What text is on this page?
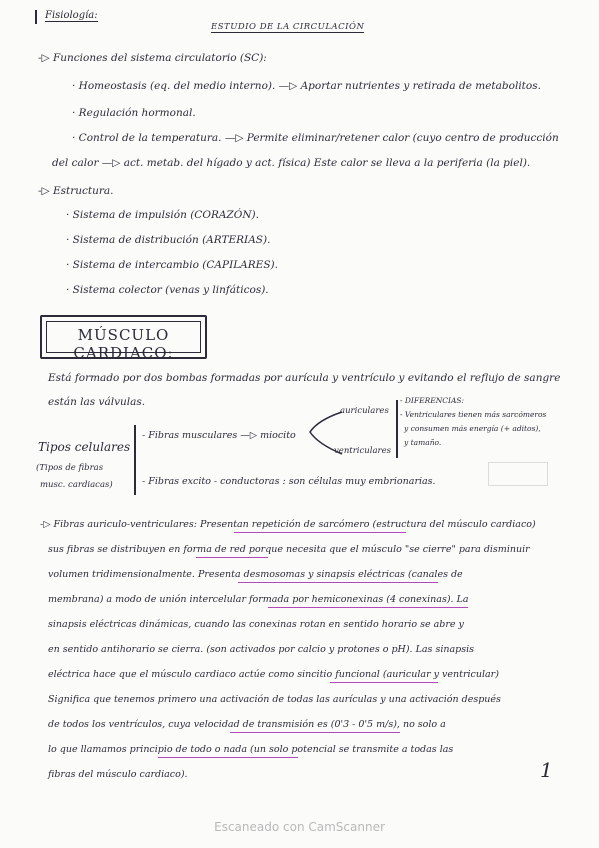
Fisiología:
ESTUDIO DE LA CIRCULACIÓN
-▷ Funciones del sistema circulatorio (SC):
· Homeostasis (eq. del medio interno). —▷ Aportar nutrientes y retirada de metabolitos.
· Regulación hormonal.
· Control de la temperatura. —▷ Permite eliminar/retener calor (cuyo centro de producción
del calor —▷ act. metab. del hígado y act. física) Este calor se lleva a la periferia (la piel).
-▷ Estructura.
· Sistema de impulsión (CORAZÓN).
· Sistema de distribución (ARTERIAS).
· Sistema de intercambio (CAPILARES).
· Sistema colector (venas y linfáticos).
MÚSCULO CARDIACO:
Está formado por dos bombas formadas por aurícula y ventrículo y evitando el reflujo de sangre
están las válvulas.
Tipos celulares
(Tipos de fibras
musc. cardiacas)
- Fibras musculares —▷ miocito
auriculares
ventriculares
- DIFERENCIAS:
- Ventriculares tienen más sarcómeros
y consumen más energía (+ aditos),
y tamaño.
- Fibras excito - conductoras : son células muy embrionarias.
-▷ Fibras auriculo-ventriculares: Presentan repetición de sarcómero (estructura del músculo cardiaco)
sus fibras se distribuyen en forma de red porque necesita que el músculo "se cierre" para disminuir
volumen tridimensionalmente. Presenta desmosomas y sinapsis eléctricas (canales de
membrana) a modo de unión intercelular formada por hemiconexinas (4 conexinas). La
sinapsis eléctricas dinámicas, cuando las conexinas rotan en sentido horario se abre y
en sentido antihorario se cierra. (son activados por calcio y protones o pH). Las sinapsis
eléctrica hace que el músculo cardiaco actúe como sincitio funcional (auricular y ventricular)
Significa que tenemos primero una activación de todas las aurículas y una activación después
de todos los ventrículos, cuya velocidad de transmisión es (0'3 - 0'5 m/s), no solo a
lo que llamamos principio de todo o nada (un solo potencial se transmite a todas las
fibras del músculo cardiaco).	1
Escaneado con CamScanner
